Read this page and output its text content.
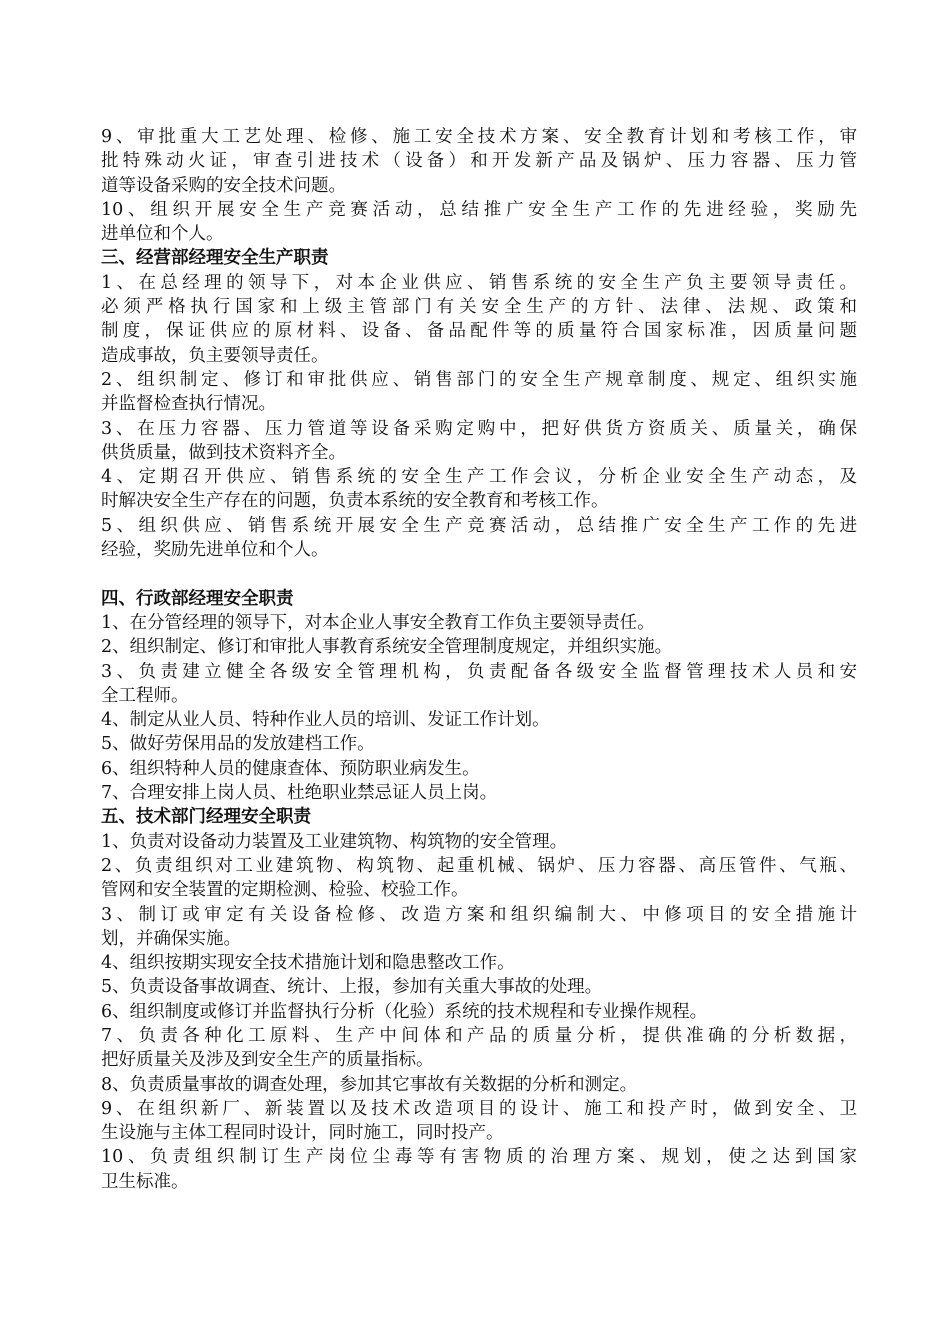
9、审批重大工艺处理、检修、施工安全技术方案、安全教育计划和考核工作，审
批特殊动火证，审查引进技术（设备）和开发新产品及锅炉、压力容器、压力管
道等设备采购的安全技术问题。
10、组织开展安全生产竞赛活动，总结推广安全生产工作的先进经验，奖励先
进单位和个人。
三、经营部经理安全生产职责
1、在总经理的领导下，对本企业供应、销售系统的安全生产负主要领导责任。
必须严格执行国家和上级主管部门有关安全生产的方针、法律、法规、政策和
制度，保证供应的原材料、设备、备品配件等的质量符合国家标准，因质量问题
造成事故，负主要领导责任。
2、组织制定、修订和审批供应、销售部门的安全生产规章制度、规定、组织实施
并监督检查执行情况。
3、在压力容器、压力管道等设备采购定购中，把好供货方资质关、质量关，确保
供货质量，做到技术资料齐全。
4、定期召开供应、销售系统的安全生产工作会议，分析企业安全生产动态，及
时解决安全生产存在的问题，负责本系统的安全教育和考核工作。
5、组织供应、销售系统开展安全生产竞赛活动，总结推广安全生产工作的先进
经验，奖励先进单位和个人。
四、行政部经理安全职责
1、在分管经理的领导下，对本企业人事安全教育工作负主要领导责任。
2、组织制定、修订和审批人事教育系统安全管理制度规定，并组织实施。
3、负责建立健全各级安全管理机构，负责配备各级安全监督管理技术人员和安
全工程师。
4、制定从业人员、特种作业人员的培训、发证工作计划。
5、做好劳保用品的发放建档工作。
6、组织特种人员的健康查体、预防职业病发生。
7、合理安排上岗人员、杜绝职业禁忌证人员上岗。
五、技术部门经理安全职责
1、负责对设备动力装置及工业建筑物、构筑物的安全管理。
2、负责组织对工业建筑物、构筑物、起重机械、锅炉、压力容器、高压管件、气瓶、
管网和安全装置的定期检测、检验、校验工作。
3、制订或审定有关设备检修、改造方案和组织编制大、中修项目的安全措施计
划，并确保实施。
4、组织按期实现安全技术措施计划和隐患整改工作。
5、负责设备事故调查、统计、上报，参加有关重大事故的处理。
6、组织制度或修订并监督执行分析（化验）系统的技术规程和专业操作规程。
7、负责各种化工原料、生产中间体和产品的质量分析，提供准确的分析数据，
把好质量关及涉及到安全生产的质量指标。
8、负责质量事故的调查处理，参加其它事故有关数据的分析和测定。
9、在组织新厂、新装置以及技术改造项目的设计、施工和投产时，做到安全、卫
生设施与主体工程同时设计，同时施工，同时投产。
10、负责组织制订生产岗位尘毒等有害物质的治理方案、规划，使之达到国家
卫生标准。
